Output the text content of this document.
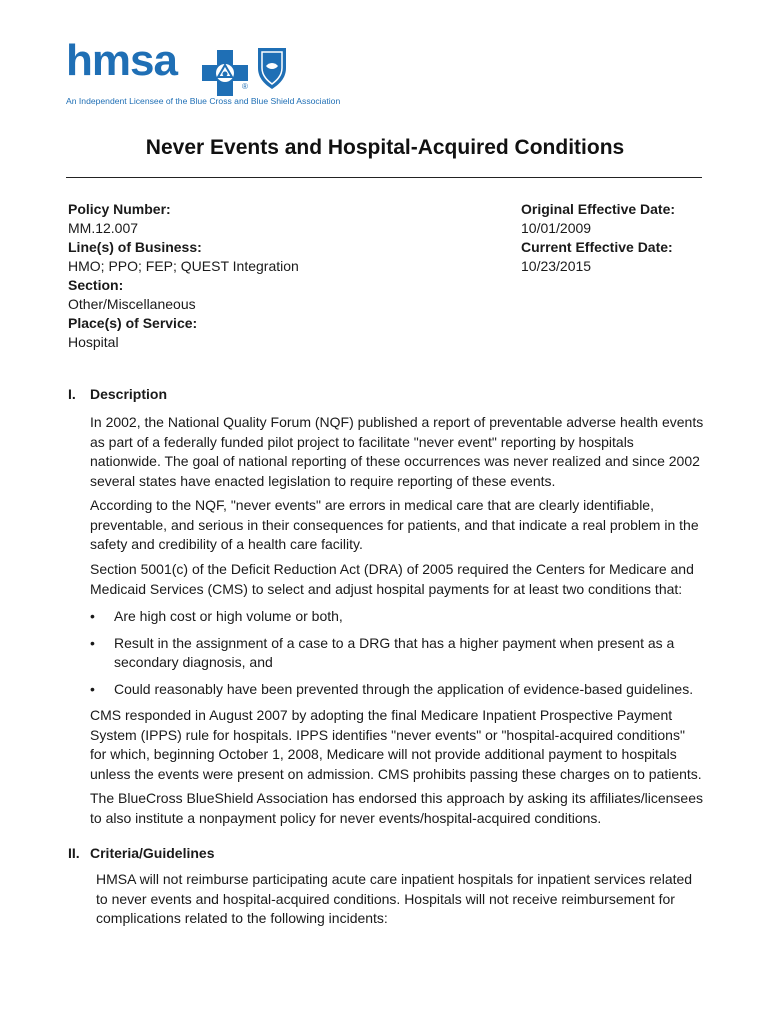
hmsa
®
An Independent Licensee of the Blue Cross and Blue Shield Association
Never Events and Hospital-Acquired Conditions
Policy Number:
MM.12.007
Line(s) of Business:
HMO; PPO; FEP; QUEST Integration
Section:
Other/Miscellaneous
Place(s) of Service:
Hospital
Original Effective Date:
10/01/2009
Current Effective Date:
10/23/2015
I. Description

In 2002, the National Quality Forum (NQF) published a report of preventable adverse health events as part of a federally funded pilot project to facilitate "never event" reporting by hospitals nationwide. The goal of national reporting of these occurrences was never realized and since 2002 several states have enacted legislation to require reporting of these events.

According to the NQF, "never events" are errors in medical care that are clearly identifiable, preventable, and serious in their consequences for patients, and that indicate a real problem in the safety and credibility of a health care facility.

Section 5001(c) of the Deficit Reduction Act (DRA) of 2005 required the Centers for Medicare and Medicaid Services (CMS) to select and adjust hospital payments for at least two conditions that:

• Are high cost or high volume or both,
• Result in the assignment of a case to a DRG that has a higher payment when present as a secondary diagnosis, and
• Could reasonably have been prevented through the application of evidence-based guidelines.

CMS responded in August 2007 by adopting the final Medicare Inpatient Prospective Payment System (IPPS) rule for hospitals. IPPS identifies "never events" or "hospital-acquired conditions" for which, beginning October 1, 2008, Medicare will not provide additional payment to hospitals unless the events were present on admission. CMS prohibits passing these charges on to patients.

The BlueCross BlueShield Association has endorsed this approach by asking its affiliates/licensees to also institute a nonpayment policy for never events/hospital-acquired conditions.

II. Criteria/Guidelines

HMSA will not reimburse participating acute care inpatient hospitals for inpatient services related to never events and hospital-acquired conditions. Hospitals will not receive reimbursement for complications related to the following incidents:
